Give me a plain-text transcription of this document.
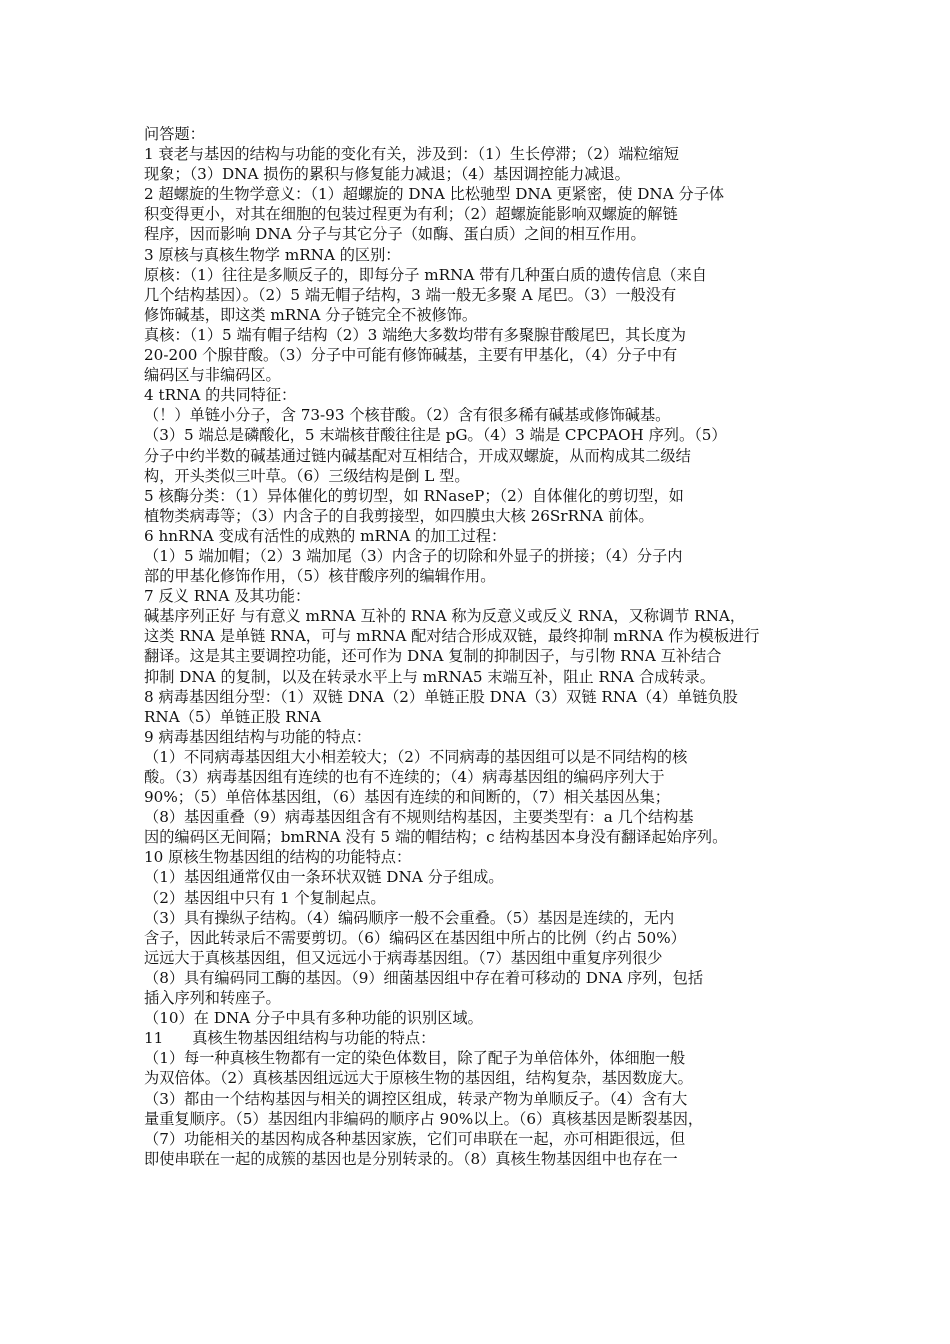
问答题：
1 衰老与基因的结构与功能的变化有关，涉及到：（1）生长停滞；（2）端粒缩短
现象；（3）DNA 损伤的累积与修复能力减退；（4）基因调控能力减退。
2 超螺旋的生物学意义：（1）超螺旋的 DNA 比松驰型 DNA 更紧密，使 DNA 分子体
积变得更小，对其在细胞的包装过程更为有利；（2）超螺旋能影响双螺旋的解链
程序，因而影响 DNA 分子与其它分子（如酶、蛋白质）之间的相互作用。
3 原核与真核生物学 mRNA 的区别：
原核：（1）往往是多顺反子的，即每分子 mRNA 带有几种蛋白质的遗传信息（来自
几个结构基因）。（2）5 端无帽子结构，3 端一般无多聚 A 尾巴。（3）一般没有
修饰碱基，即这类 mRNA 分子链完全不被修饰。
真核：（1）5 端有帽子结构（2）3 端绝大多数均带有多聚腺苷酸尾巴，其长度为
20-200 个腺苷酸。（3）分子中可能有修饰碱基，主要有甲基化，（4）分子中有
编码区与非编码区。
4 tRNA 的共同特征：
（！）单链小分子，含 73-93 个核苷酸。（2）含有很多稀有碱基或修饰碱基。
（3）5 端总是磷酸化，5 末端核苷酸往往是 pG。（4）3 端是 CPCPAOH 序列。（5）
分子中约半数的碱基通过链内碱基配对互相结合，开成双螺旋，从而构成其二级结
构，开头类似三叶草。（6）三级结构是倒 L 型。
5 核酶分类：（1）异体催化的剪切型，如 RNaseP；（2）自体催化的剪切型，如
植物类病毒等；（3）内含子的自我剪接型，如四膜虫大核 26SrRNA 前体。
6 hnRNA 变成有活性的成熟的 mRNA 的加工过程：
（1）5 端加帽；（2）3 端加尾（3）内含子的切除和外显子的拼接；（4）分子内
部的甲基化修饰作用，（5）核苷酸序列的编辑作用。
7 反义 RNA 及其功能：
碱基序列正好 与有意义 mRNA 互补的 RNA 称为反意义或反义 RNA，又称调节 RNA，
这类 RNA 是单链 RNA，可与 mRNA 配对结合形成双链，最终抑制 mRNA 作为模板进行
翻译。这是其主要调控功能，还可作为 DNA 复制的抑制因子，与引物 RNA 互补结合
抑制 DNA 的复制，以及在转录水平上与 mRNA5 末端互补，阻止 RNA 合成转录。
8 病毒基因组分型：（1）双链 DNA（2）单链正股 DNA（3）双链 RNA（4）单链负股
RNA（5）单链正股 RNA
9 病毒基因组结构与功能的特点：
（1）不同病毒基因组大小相差较大；（2）不同病毒的基因组可以是不同结构的核
酸。（3）病毒基因组有连续的也有不连续的；（4）病毒基因组的编码序列大于
90%；（5）单倍体基因组，（6）基因有连续的和间断的，（7）相关基因丛集；
（8）基因重叠（9）病毒基因组含有不规则结构基因，主要类型有：a 几个结构基
因的编码区无间隔；bmRNA 没有 5 端的帽结构；c 结构基因本身没有翻译起始序列。
10 原核生物基因组的结构的功能特点：
（1）基因组通常仅由一条环状双链 DNA 分子组成。
（2）基因组中只有 1 个复制起点。
（3）具有操纵子结构。（4）编码顺序一般不会重叠。（5）基因是连续的，无内
含子，因此转录后不需要剪切。（6）编码区在基因组中所占的比例（约占 50%）
远远大于真核基因组，但又远远小于病毒基因组。（7）基因组中重复序列很少
（8）具有编码同工酶的基因。（9）细菌基因组中存在着可移动的 DNA 序列，包括
插入序列和转座子。
（10）在 DNA 分子中具有多种功能的识别区域。
11      真核生物基因组结构与功能的特点：
（1）每一种真核生物都有一定的染色体数目，除了配子为单倍体外，体细胞一般
为双倍体。（2）真核基因组远远大于原核生物的基因组，结构复杂，基因数庞大。
（3）都由一个结构基因与相关的调控区组成，转录产物为单顺反子。（4）含有大
量重复顺序。（5）基因组内非编码的顺序占 90%以上。（6）真核基因是断裂基因，
（7）功能相关的基因构成各种基因家族，它们可串联在一起，亦可相距很远，但
即使串联在一起的成簇的基因也是分别转录的。（8）真核生物基因组中也存在一
